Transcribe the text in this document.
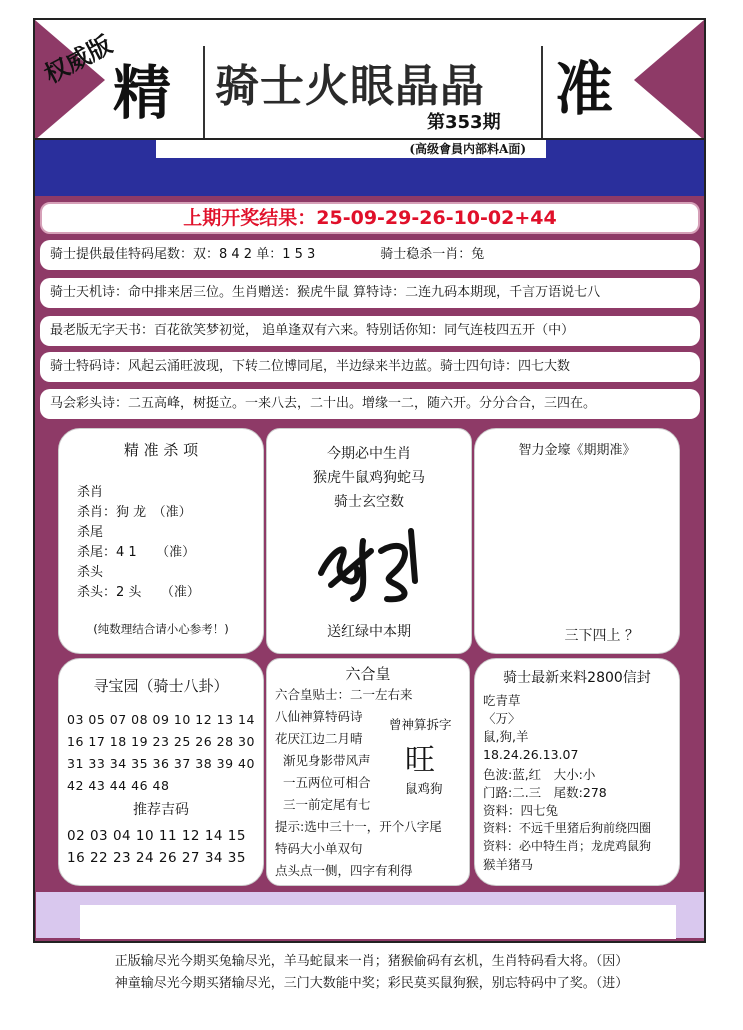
权威版
精 骑士火眼晶晶 准
第353期
(高级會員内部料A面)
上期开奖结果：25-09-29-26-10-02+44
骑士提供最佳特码尾数：双：8 4 2 单：1 5 3　　　　　骑士稳杀一肖：兔
骑士天机诗：命中排来居三位。生肖赠送：猴虎牛鼠 算特诗：二连九码本期现，千言万语说七八
最老版无字天书：百花欲笑梦初觉， 追单逢双有六来。特别话你知：同气连枝四五开（中）
骑士特码诗：风起云涌旺波现，下转二位博同尾，半边绿来半边蓝。骑士四句诗：四七大数
马会彩头诗：二五高峰，树挺立。一来八去，二十出。增缘一二，随六开。分分合合，三四在。
精 准 杀 项
杀肖
杀肖：狗 龙　（准）
杀尾
杀尾：4 1　　（准）
杀头
杀头：2 头　　（准）
(纯数理结合请小心参考！)
今期必中生肖
猴虎牛鼠鸡狗蛇马
骑士玄空数
送红绿中本期
智力金壕《期期准》
三下四上 ？
寻宝园（骑士八卦）
03 05 07 08 09 10 12 13 14
16 17 18 19 23 25 26 28 30
31 33 34 35 36 37 38 39 40
42 43 44 46 48
推荐吉码
02 03 04 10 11 12 14 15
16 22 23 24 26 27 34 35
六合皇
六合皇贴士：二一左右来
八仙神算特码诗
花厌江边二月晴
渐见身影带风声
一五两位可相合
三一前定尾有七
提示:选中三十一，开个八字尾
特码大小单双句
点头点一侧，四字有利得
曾神算拆字
旺
鼠鸡狗
骑士最新来料2800信封
吃青草
〈万〉
鼠,狗,羊
18.24.26.13.07
色波:蓝,红　大小:小
门路:二.三　尾数:278
资料：四七兔
资料：不远千里猪后狗前绕四圈
资料：必中特生肖；龙虎鸡鼠狗
猴羊猪马
正版输尽光今期买兔输尽光，羊马蛇鼠来一肖；猪猴偷码有玄机，生肖特码看大将。（因）
神童输尽光今期买猪输尽光，三门大数能中奖；彩民莫买鼠狗猴，别忘特码中了奖。（进）
